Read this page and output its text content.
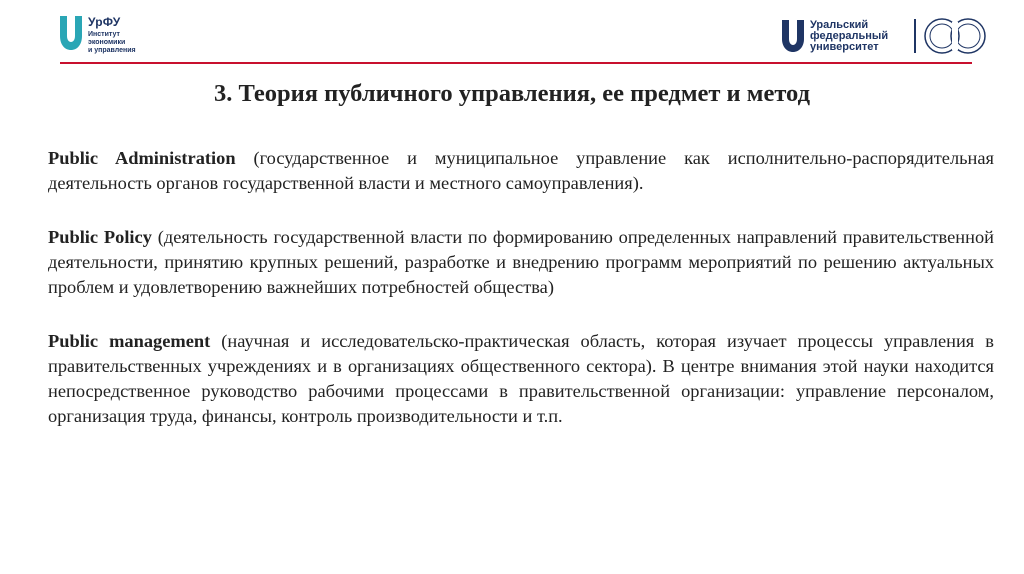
УрФУ
Институт
экономики
и управления
Уральский
федеральный
университет
3. Теория публичного управления, ее предмет и метод

Public Administration (государственное и муниципальное управление как исполнительно-распорядительная деятельность органов государственной власти и местного самоуправления).

Public Policy (деятельность государственной власти по формированию определенных направлений правительственной деятельности, принятию крупных решений, разработке и внедрению программ мероприятий по решению актуальных проблем и удовлетворению важнейших потребностей общества)

Public management (научная и исследовательско-практическая область, которая изучает процессы управления в правительственных учреждениях и в организациях общественного сектора). В центре внимания этой науки находится непосредственное руководство рабочими процессами в правительственной организации: управление персоналом, организация труда, финансы, контроль производительности и т.п.
